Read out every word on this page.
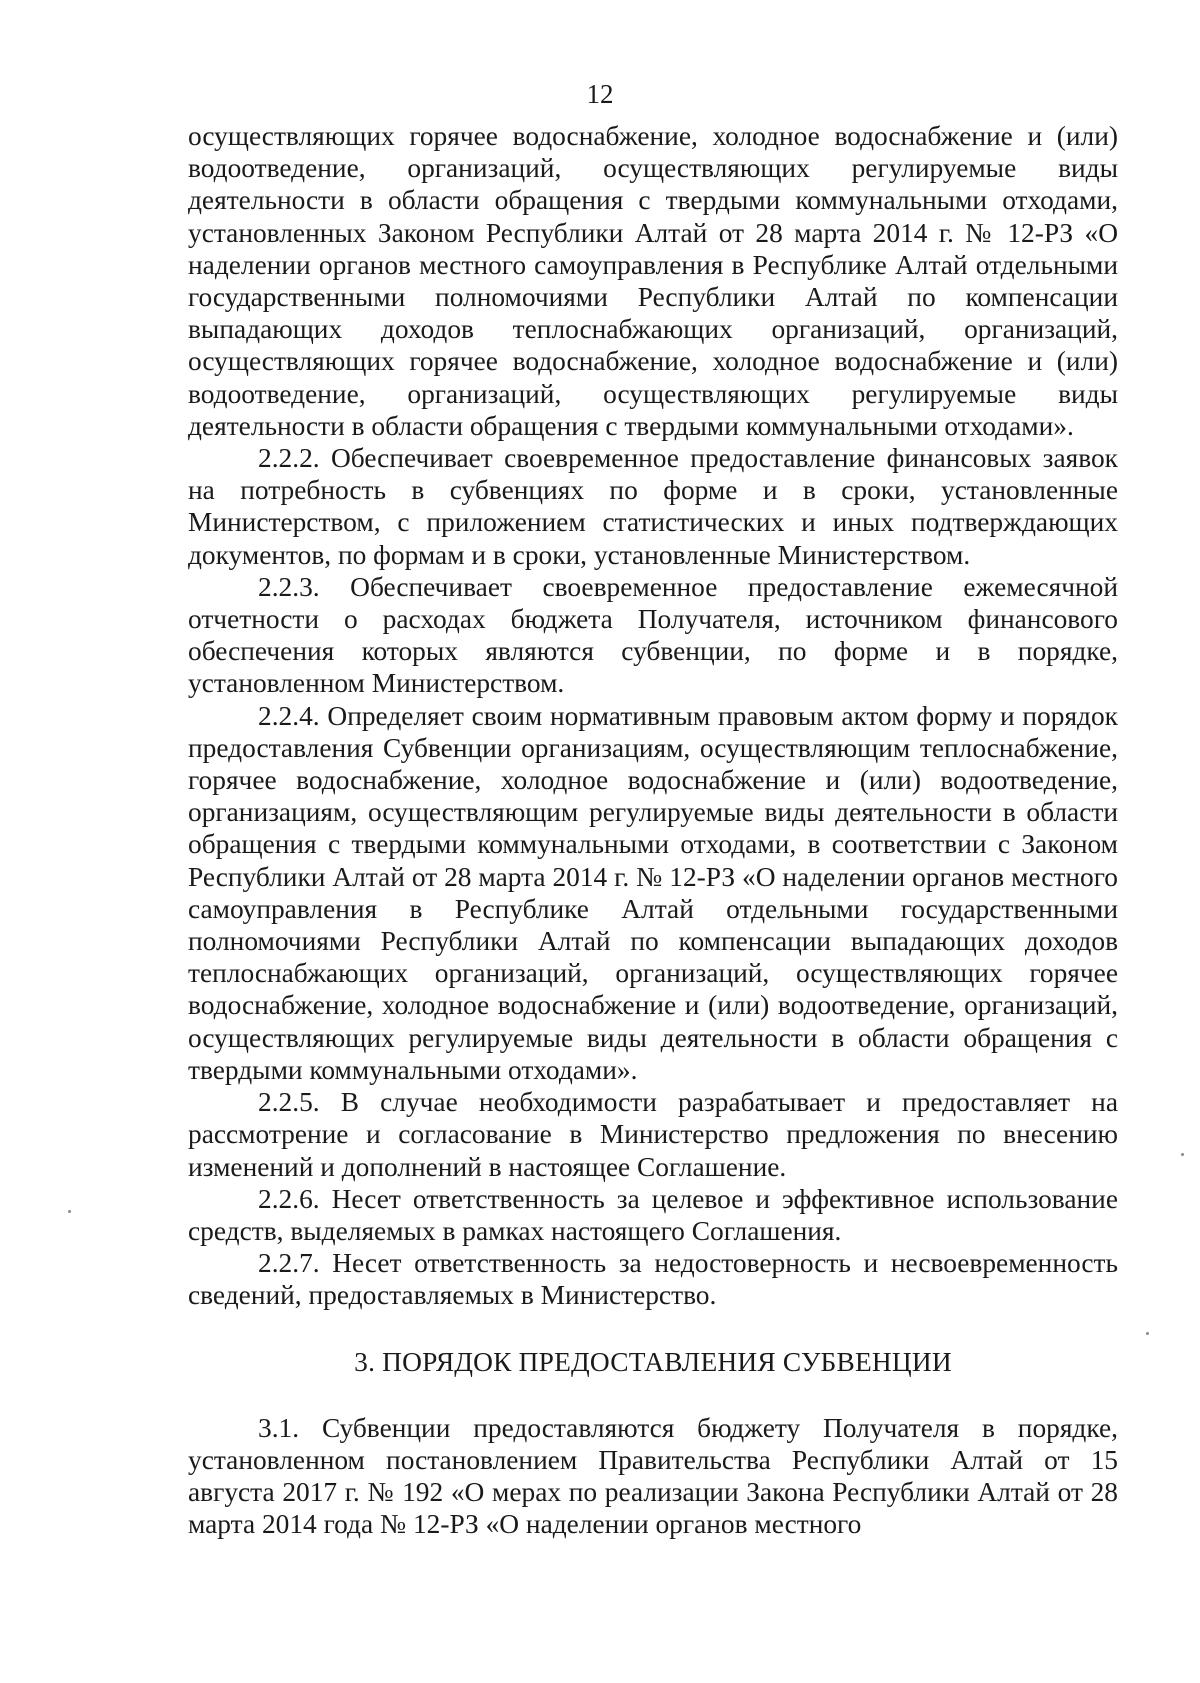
12

осуществляющих горячее водоснабжение, холодное водоснабжение и (или) водоотведение, организаций, осуществляющих регулируемые виды деятельности в области обращения с твердыми коммунальными отходами, установленных Законом Республики Алтай от 28 марта 2014 г. № 12-РЗ «О наделении органов местного самоуправления в Республике Алтай отдельными государственными полномочиями Республики Алтай по компенсации выпадающих доходов теплоснабжающих организаций, организаций, осуществляющих горячее водоснабжение, холодное водоснабжение и (или) водоотведение, организаций, осуществляющих регулируемые виды деятельности в области обращения с твердыми коммунальными отходами».

2.2.2. Обеспечивает своевременное предоставление финансовых заявок на потребность в субвенциях по форме и в сроки, установленные Министерством, с приложением статистических и иных подтверждающих документов, по формам и в сроки, установленные Министерством.

2.2.3. Обеспечивает своевременное предоставление ежемесячной отчетности о расходах бюджета Получателя, источником финансового обеспечения которых являются субвенции, по форме и в порядке, установленном Министерством.

2.2.4. Определяет своим нормативным правовым актом форму и порядок предоставления Субвенции организациям, осуществляющим теплоснабжение, горячее водоснабжение, холодное водоснабжение и (или) водоотведение, организациям, осуществляющим регулируемые виды деятельности в области обращения с твердыми коммунальными отходами, в соответствии с Законом Республики Алтай от 28 марта 2014 г. № 12-РЗ «О наделении органов местного самоуправления в Республике Алтай отдельными государственными полномочиями Республики Алтай по компенсации выпадающих доходов теплоснабжающих организаций, организаций, осуществляющих горячее водоснабжение, холодное водоснабжение и (или) водоотведение, организаций, осуществляющих регулируемые виды деятельности в области обращения с твердыми коммунальными отходами».

2.2.5. В случае необходимости разрабатывает и предоставляет на рассмотрение и согласование в Министерство предложения по внесению изменений и дополнений в настоящее Соглашение.

2.2.6. Несет ответственность за целевое и эффективное использование средств, выделяемых в рамках настоящего Соглашения.

2.2.7. Несет ответственность за недостоверность и несвоевременность сведений, предоставляемых в Министерство.

3. ПОРЯДОК ПРЕДОСТАВЛЕНИЯ СУБВЕНЦИИ

3.1. Субвенции предоставляются бюджету Получателя в порядке, установленном постановлением Правительства Республики Алтай от 15 августа 2017 г. № 192 «О мерах по реализации Закона Республики Алтай от 28 марта 2014 года № 12-РЗ «О наделении органов местного
